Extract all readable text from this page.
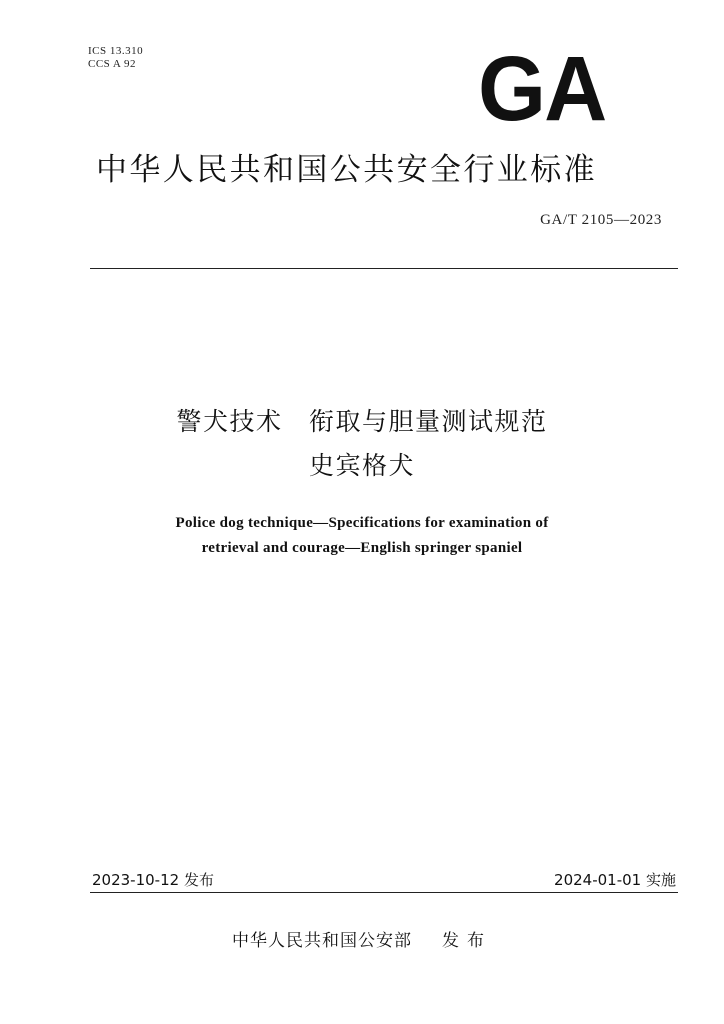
ICS 13.310
CCS A 92	GA
中华人民共和国公共安全行业标准
GA/T 2105—2023
警犬技术　衔取与胆量测试规范
史宾格犬
Police dog technique—Specifications for examination of
retrieval and courage—English springer spaniel
2023-10-12 发布	2024-01-01 实施
中华人民共和国公安部 发布
